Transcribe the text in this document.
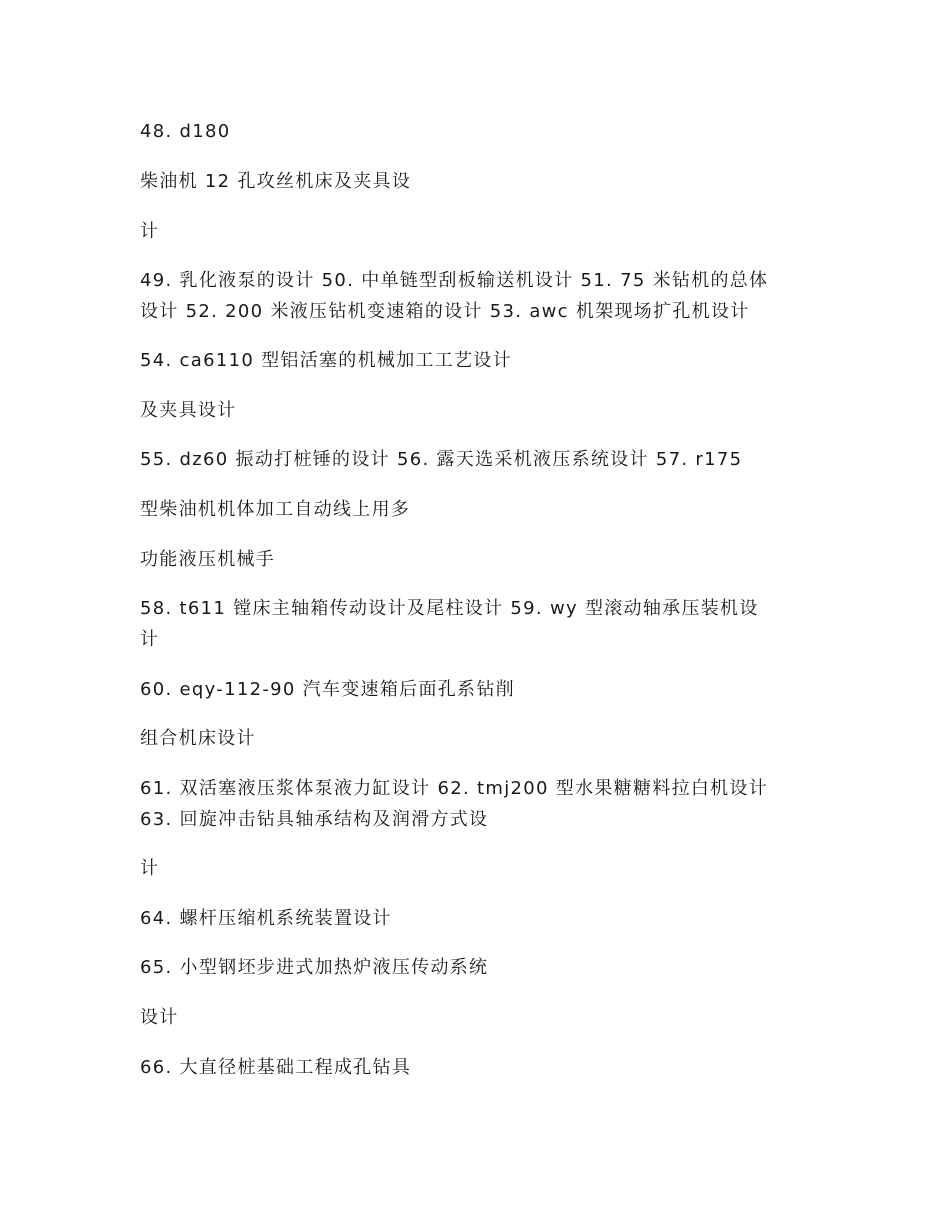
48. d180

柴油机 12 孔攻丝机床及夹具设

计

49. 乳化液泵的设计 50. 中单链型刮板输送机设计 51. 75 米钻机的总体
设计 52. 200 米液压钻机变速箱的设计 53. awc 机架现场扩孔机设计

54. ca6110 型铝活塞的机械加工工艺设计

及夹具设计

55. dz60 振动打桩锤的设计 56. 露天选采机液压系统设计 57. r175

型柴油机机体加工自动线上用多

功能液压机械手

58. t611 镗床主轴箱传动设计及尾柱设计 59. wy 型滚动轴承压装机设
计

60. eqy-112-90 汽车变速箱后面孔系钻削

组合机床设计

61. 双活塞液压浆体泵液力缸设计 62. tmj200 型水果糖糖料拉白机设计
63. 回旋冲击钻具轴承结构及润滑方式设

计

64. 螺杆压缩机系统装置设计

65. 小型钢坯步进式加热炉液压传动系统

设计

66. 大直径桩基础工程成孔钻具
